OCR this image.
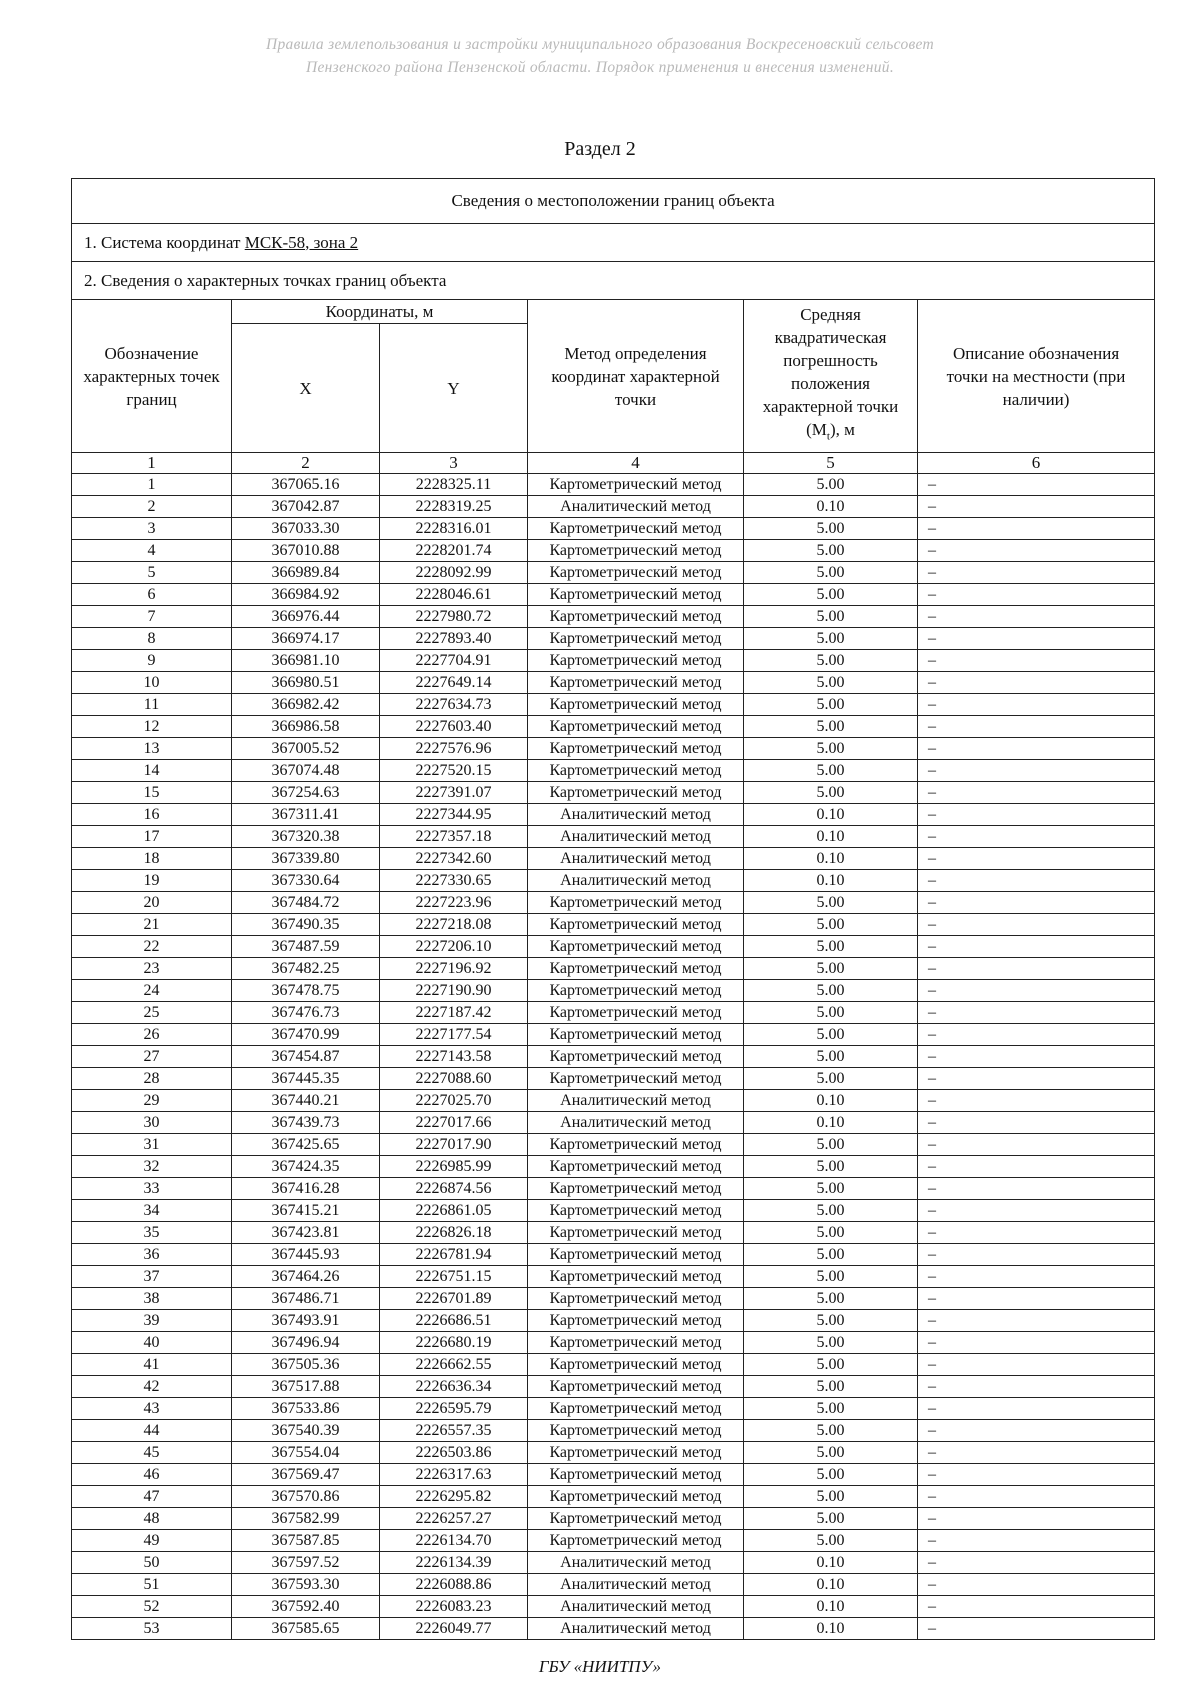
Правила землепользования и застройки муниципального образования Воскресеновский сельсовет
Пензенского района Пензенской области. Порядок применения и внесения изменений.
Раздел 2
Сведения о местоположении границ объекта					
1. Система координат МСК-58, зона 2					
2. Сведения о характерных точках границ объекта					
Обозначение характерных точек границ	Координаты, м		Метод определения координат характерной точки	Средняя квадратическая погрешность положения характерной точки $(M_t)$, м	Описание обозначения точки на местности (при наличии)
	X	Y			
1	2	3	4	5	6
1	367065.16	2228325.11	Картометрический метод	5.00	–
2	367042.87	2228319.25	Аналитический метод	0.10	–
3	367033.30	2228316.01	Картометрический метод	5.00	–
4	367010.88	2228201.74	Картометрический метод	5.00	–
5	366989.84	2228092.99	Картометрический метод	5.00	–
6	366984.92	2228046.61	Картометрический метод	5.00	–
7	366976.44	2227980.72	Картометрический метод	5.00	–
8	366974.17	2227893.40	Картометрический метод	5.00	–
9	366981.10	2227704.91	Картометрический метод	5.00	–
10	366980.51	2227649.14	Картометрический метод	5.00	–
11	366982.42	2227634.73	Картометрический метод	5.00	–
12	366986.58	2227603.40	Картометрический метод	5.00	–
13	367005.52	2227576.96	Картометрический метод	5.00	–
14	367074.48	2227520.15	Картометрический метод	5.00	–
15	367254.63	2227391.07	Картометрический метод	5.00	–
16	367311.41	2227344.95	Аналитический метод	0.10	–
17	367320.38	2227357.18	Аналитический метод	0.10	–
18	367339.80	2227342.60	Аналитический метод	0.10	–
19	367330.64	2227330.65	Аналитический метод	0.10	–
20	367484.72	2227223.96	Картометрический метод	5.00	–
21	367490.35	2227218.08	Картометрический метод	5.00	–
22	367487.59	2227206.10	Картометрический метод	5.00	–
23	367482.25	2227196.92	Картометрический метод	5.00	–
24	367478.75	2227190.90	Картометрический метод	5.00	–
25	367476.73	2227187.42	Картометрический метод	5.00	–
26	367470.99	2227177.54	Картометрический метод	5.00	–
27	367454.87	2227143.58	Картометрический метод	5.00	–
28	367445.35	2227088.60	Картометрический метод	5.00	–
29	367440.21	2227025.70	Аналитический метод	0.10	–
30	367439.73	2227017.66	Аналитический метод	0.10	–
31	367425.65	2227017.90	Картометрический метод	5.00	–
32	367424.35	2226985.99	Картометрический метод	5.00	–
33	367416.28	2226874.56	Картометрический метод	5.00	–
34	367415.21	2226861.05	Картометрический метод	5.00	–
35	367423.81	2226826.18	Картометрический метод	5.00	–
36	367445.93	2226781.94	Картометрический метод	5.00	–
37	367464.26	2226751.15	Картометрический метод	5.00	–
38	367486.71	2226701.89	Картометрический метод	5.00	–
39	367493.91	2226686.51	Картометрический метод	5.00	–
40	367496.94	2226680.19	Картометрический метод	5.00	–
41	367505.36	2226662.55	Картометрический метод	5.00	–
42	367517.88	2226636.34	Картометрический метод	5.00	–
43	367533.86	2226595.79	Картометрический метод	5.00	–
44	367540.39	2226557.35	Картометрический метод	5.00	–
45	367554.04	2226503.86	Картометрический метод	5.00	–
46	367569.47	2226317.63	Картометрический метод	5.00	–
47	367570.86	2226295.82	Картометрический метод	5.00	–
48	367582.99	2226257.27	Картометрический метод	5.00	–
49	367587.85	2226134.70	Картометрический метод	5.00	–
50	367597.52	2226134.39	Аналитический метод	0.10	–
51	367593.30	2226088.86	Аналитический метод	0.10	–
52	367592.40	2226083.23	Аналитический метод	0.10	–
53	367585.65	2226049.77	Аналитический метод	0.10	–
ГБУ «НИИТПУ»
